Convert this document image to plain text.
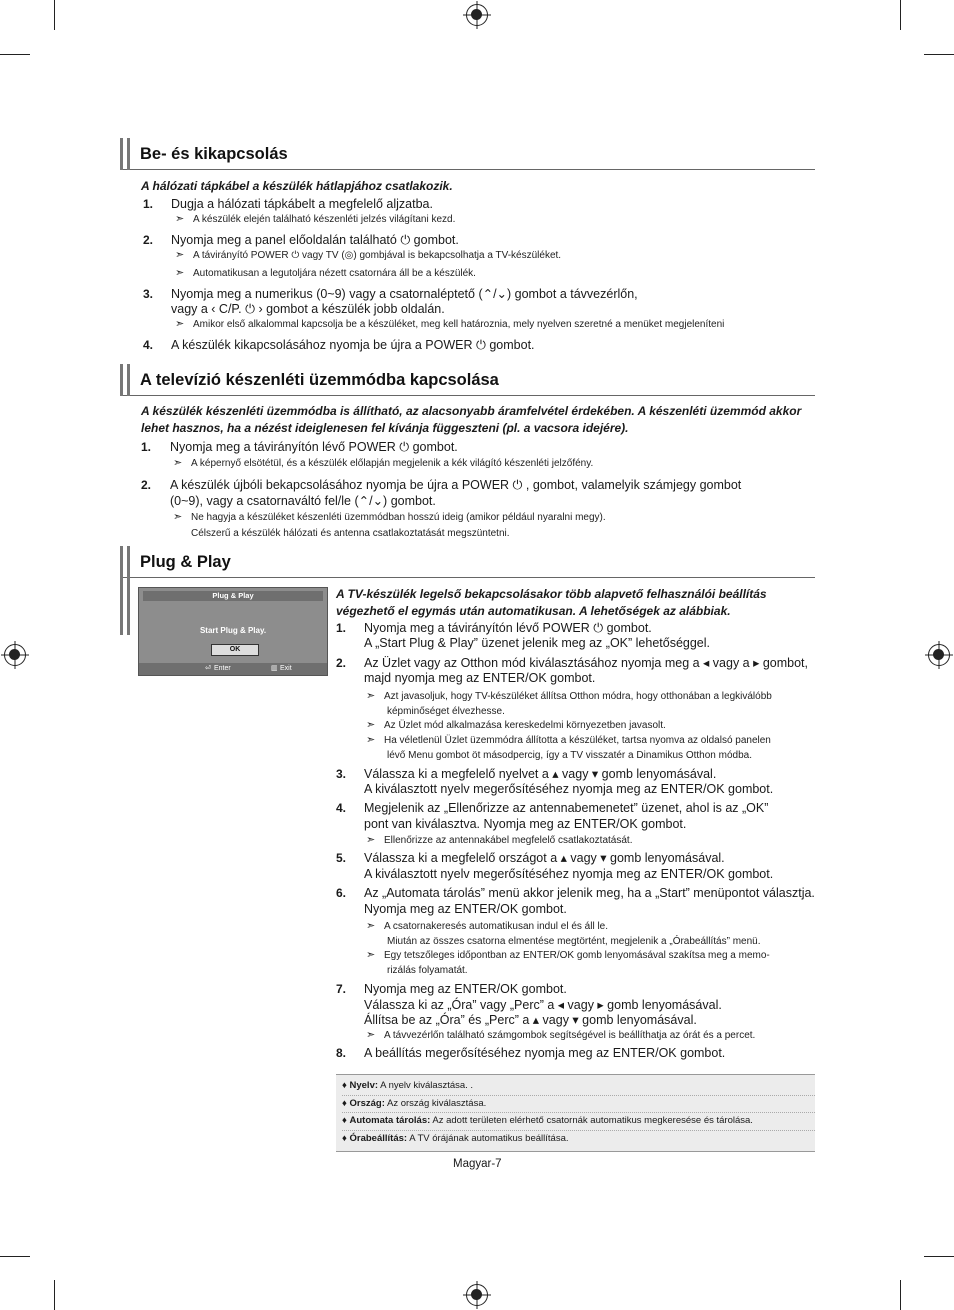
Be- és kikapcsolás
A hálózati tápkábel a készülék hátlapjához csatlakozik.
1. Dugja a hálózati tápkábelt a megfelelő aljzatba.
➣ A készülék elején található készenléti jelzés világítani kezd.
2. Nyomja meg a panel előoldalán található ⏻ gombot.
➣ A távirányító POWER ⏻ vagy TV (◎) gombjával is bekapcsolhatja a TV-készüléket.
➣ Automatikusan a legutoljára nézett csatornára áll be a készülék.
3. Nyomja meg a numerikus (0~9) vagy a csatornaléptető (⌃/⌄) gombot a távvezérlőn,
vagy a ‹ C/P. ⏻ › gombot a készülék jobb oldalán.
➣ Amikor első alkalommal kapcsolja be a készüléket, meg kell határoznia, mely nyelven szeretné a menüket megjeleníteni
4. A készülék kikapcsolásához nyomja be újra a POWER ⏻ gombot.
A televízió készenléti üzemmódba kapcsolása
A készülék készenléti üzemmódba is állítható, az alacsonyabb áramfelvétel érdekében. A készenléti üzemmód akkor lehet hasznos, ha a nézést ideiglenesen fel kívánja függeszteni (pl. a vacsora idejére).
1. Nyomja meg a távirányítón lévő POWER ⏻ gombot.
➣ A képernyő elsötétül, és a készülék előlapján megjelenik a kék világító készenléti jelzőfény.
2. A készülék újbóli bekapcsolásához nyomja be újra a POWER ⏻ , gombot, valamelyik számjegy gombot
(0~9), vagy a csatornaváltó fel/le (⌃/⌄) gombot.
➣ Ne hagyja a készüléket készenléti üzemmódban hosszú ideig (amikor például nyaralni megy).
Célszerű a készülék hálózati és antenna csatlakoztatását megszüntetni.
Plug & Play
Plug & Play
Start Plug & Play.
OK
⏎ Enter	▥ Exit
A TV-készülék legelső bekapcsolásakor több alapvető felhasználói beállítás végezhető el egymás után automatikusan. A lehetőségek az alábbiak.
1. Nyomja meg a távirányítón lévő POWER ⏻ gombot.
A „Start Plug & Play” üzenet jelenik meg az „OK” lehetőséggel.
2. Az Üzlet vagy az Otthon mód kiválasztásához nyomja meg a ◂ vagy a ▸ gombot,
majd nyomja meg az ENTER/OK gombot.
➣ Azt javasoljuk, hogy TV-készüléket állítsa Otthon módra, hogy otthonában a legkiválóbb
képminőséget élvezhesse.
➣ Az Üzlet mód alkalmazása kereskedelmi környezetben javasolt.
➣ Ha véletlenül Üzlet üzemmódra állította a készüléket, tartsa nyomva az oldalsó panelen
lévő Menu gombot öt másodpercig, így a TV visszatér a Dinamikus Otthon módba.
3. Válassza ki a megfelelő nyelvet a ▴ vagy ▾ gomb lenyomásával.
A kiválasztott nyelv megerősítéséhez nyomja meg az ENTER/OK gombot.
4. Megjelenik az „Ellenőrizze az antennabemenetet” üzenet, ahol is az „OK”
pont van kiválasztva. Nyomja meg az ENTER/OK gombot.
➣ Ellenőrizze az antennakábel megfelelő csatlakoztatását.
5. Válassza ki a megfelelő országot a ▴ vagy ▾ gomb lenyomásával.
A kiválasztott nyelv megerősítéséhez nyomja meg az ENTER/OK gombot.
6. Az „Automata tárolás” menü akkor jelenik meg, ha a „Start” menüpontot választja.
Nyomja meg az ENTER/OK gombot.
➣ A csatornakeresés automatikusan indul el és áll le.
Miután az összes csatorna elmentése megtörtént, megjelenik a „Órabeállítás” menü.
➣ Egy tetszőleges időpontban az ENTER/OK gomb lenyomásával szakítsa meg a memo-
rizálás folyamatát.
7. Nyomja meg az ENTER/OK gombot.
Válassza ki az „Óra” vagy „Perc” a ◂ vagy ▸ gomb lenyomásával.
Állítsa be az „Óra” és „Perc” a ▴ vagy ▾ gomb lenyomásával.
➣ A távvezérlőn található számgombok segítségével is beállíthatja az órát és a percet.
8. A beállítás megerősítéséhez nyomja meg az ENTER/OK gombot.
♦ Nyelv: A nyelv kiválasztása. .
♦ Ország: Az ország kiválasztása.
♦ Automata tárolás: Az adott területen elérhető csatornák automatikus megkeresése és tárolása.
♦ Órabeállítás: A TV órájának automatikus beállítása.
Magyar-7
